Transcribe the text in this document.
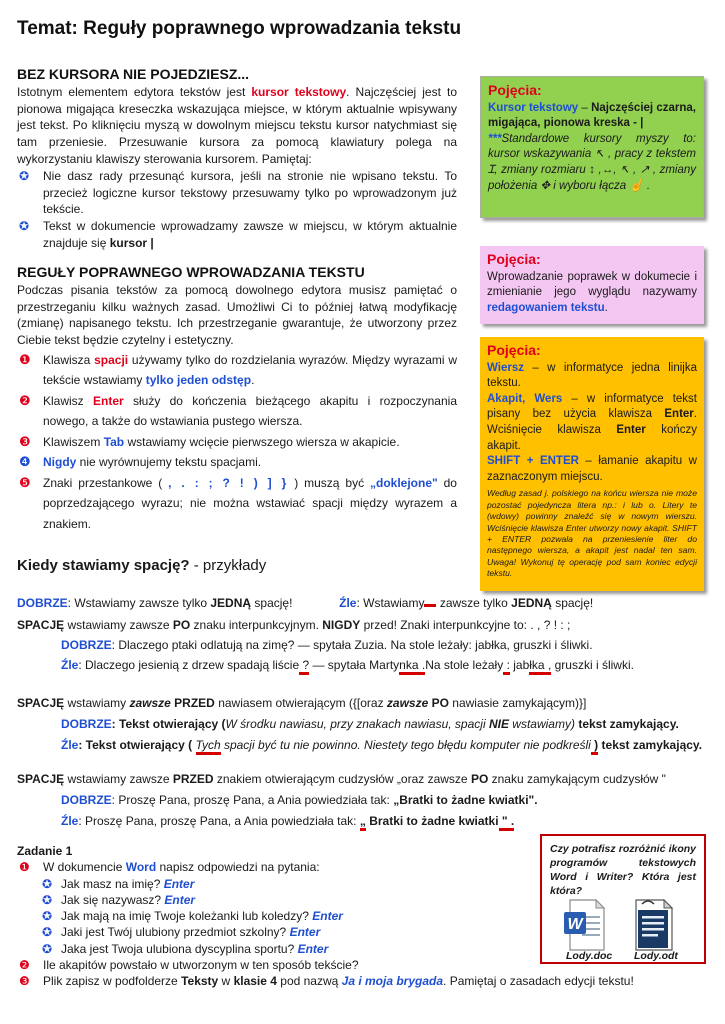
Temat: Reguły poprawnego wprowadzania tekstu
BEZ KURSORA NIE POJEDZIESZ...

Istotnym elementem edytora tekstów jest kursor tekstowy. Najczęściej jest to pionowa migająca kreseczka wskazująca miejsce, w którym aktualnie wpisywany jest tekst. Po kliknięciu myszą w dowolnym miejscu tekstu kursor natychmiast się tam przeniesie. Przesuwanie kursora za pomocą klawiatury polega na wykorzystaniu klawiszy sterowania kursorem. Pamiętaj:

✪ Nie dasz rady przesunąć kursora, jeśli na stronie nie wpisano tekstu. To przecież logiczne kursor tekstowy przesuwamy tylko po wprowadzonym już tekście.
✪ Tekst w dokumencie wprowadzamy zawsze w miejscu, w którym aktualnie znajduje się kursor |
REGUŁY POPRAWNEGO WPROWADZANIA TEKSTU

Podczas pisania tekstów za pomocą dowolnego edytora musisz pamiętać o przestrzeganiu kilku ważnych zasad. Umożliwi Ci to później łatwą modyfikację (zmianę) napisanego tekstu. Ich przestrzeganie gwarantuje, że utworzony przez Ciebie tekst będzie czytelny i estetyczny.

❶ Klawisza spacji używamy tylko do rozdzielania wyrazów. Między wyrazami w tekście wstawiamy tylko jeden odstęp.
❷ Klawisz Enter służy do kończenia bieżącego akapitu i rozpoczynania nowego, a także do wstawiania pustego wiersza.
❸ Klawiszem Tab wstawiamy wcięcie pierwszego wiersza w akapicie.
❹ Nigdy nie wyrównujemy tekstu spacjami.
❺ Znaki przestankowe ( , . : ; ? ! ) ] } ) muszą być „doklejone" do poprzedzającego wyrazu; nie można wstawiać spacji między wyrazem a znakiem.
Pojęcia:
Kursor tekstowy – Najczęściej czarna, migająca, pionowa kreska - |
***Standardowe kursory myszy to: kursor wskazywania ↖ , pracy z tekstem Ɪ, zmiany rozmiaru ↕ ,↔, ↖ , ↗ , zmiany położenia ✥ i wyboru łącza ☝ .
Pojęcia:
Wprowadzanie poprawek w dokumecie i zmienianie jego wyglądu nazywamy redagowaniem tekstu.
Pojęcia:
Wiersz – w informatyce jedna linijka tekstu.
Akapit, Wers – w informatyce tekst pisany bez użycia klawisza Enter. Wciśnięcie klawisza Enter kończy akapit.
SHIFT + ENTER – łamanie akapitu w zaznaczonym miejscu.
Według zasad j. polskiego na końcu wiersza nie może pozostać pojedyncza litera np.: i lub o. Litery te (wdowy) powinny znaleźć się w nowym wierszu. Wciśnięcie klawisza Enter utworzy nowy akapit. SHIFT + ENTER pozwala na przeniesienie liter do następnego wiersza, a akapit jest nadal ten sam. Uwaga! Wykonuj tę operację pod sam koniec edycji tekstu.
Kiedy stawiamy spację? - przykłady
DOBRZE: Wstawiamy zawsze tylko JEDNĄ spację!	Źle: Wstawiamy zawsze tylko JEDNĄ spację!
SPACJĘ wstawiamy zawsze PO znaku interpunkcyjnym. NIGDY przed! Znaki interpunkcyjne to: . , ? ! : ;
DOBRZE: Dlaczego ptaki odlatują na zimę? — spytała Zuzia. Na stole leżały: jabłka, gruszki i śliwki.
Źle: Dlaczego jesienią z drzew spadają liście ? — spytała Martynka .Na stole leżały : jabłka , gruszki i śliwki.
SPACJĘ wstawiamy zawsze PRZED nawiasem otwierającym ({[oraz zawsze PO nawiasie zamykającym)}]
DOBRZE: Tekst otwierający (W środku nawiasu, przy znakach nawiasu, spacji NIE wstawiamy) tekst zamykający.
Źle: Tekst otwierający ( Tych spacji być tu nie powinno. Niestety tego błędu komputer nie podkreśli ) tekst zamykający.
SPACJĘ wstawiamy zawsze PRZED znakiem otwierającym cudzysłów „oraz zawsze PO znaku zamykającym cudzysłów "
DOBRZE: Proszę Pana, proszę Pana, a Ania powiedziała tak: „Bratki to żadne kwiatki".
Źle: Proszę Pana, proszę Pana, a Ania powiedziała tak: „ Bratki to żadne kwiatki " .
Zadanie 1
❶ W dokumencie Word napisz odpowiedzi na pytania:
✪ Jak masz na imię? Enter
✪ Jak się nazywasz? Enter
✪ Jak mają na imię Twoje koleżanki lub koledzy? Enter
✪ Jaki jest Twój ulubiony przedmiot szkolny? Enter
✪ Jaka jest Twoja ulubiona dyscyplina sportu? Enter
❷ Ile akapitów powstało w utworzonym w ten sposób tekście?
❸ Plik zapisz w podfolderze Teksty w klasie 4 pod nazwą Ja i moja brygada. Pamiętaj o zasadach edycji tekstu!
Czy potrafisz rozróżnić ikony programów tekstowych Word i Writer? Która jest która?
W
Lody.doc Lody.odt
